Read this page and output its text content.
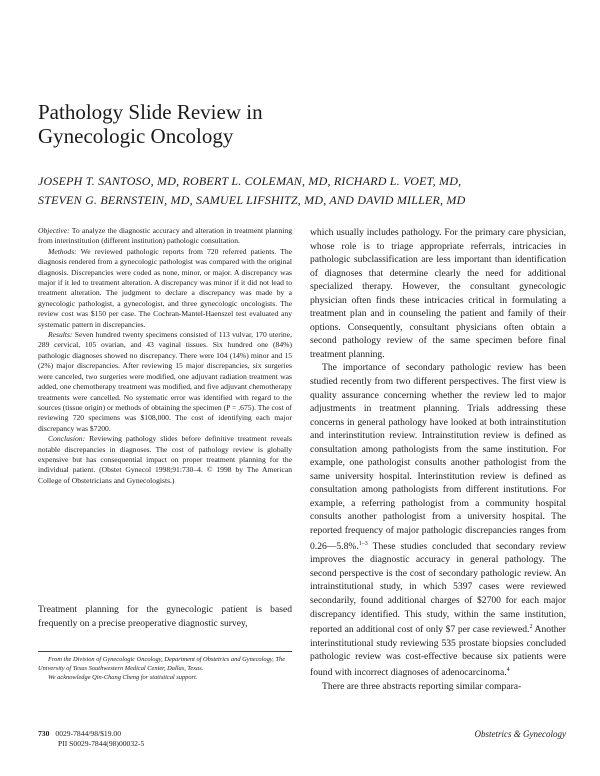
Pathology Slide Review in
Gynecologic Oncology
JOSEPH T. SANTOSO, MD, ROBERT L. COLEMAN, MD, RICHARD L. VOET, MD,
STEVEN G. BERNSTEIN, MD, SAMUEL LIFSHITZ, MD, AND DAVID MILLER, MD

Objective: To analyze the diagnostic accuracy and alteration in treatment planning from interinstitution (different institution) pathologic consultation.

Methods: We reviewed pathologic reports from 720 referred patients. The diagnosis rendered from a gynecologic pathologist was compared with the original diagnosis. Discrepancies were coded as none, minor, or major. A discrepancy was major if it led to treatment alteration. A discrepancy was minor if it did not lead to treatment alteration. The judgment to declare a discrepancy was made by a gynecologic pathologist, a gynecologist, and three gynecologic oncologists. The review cost was $150 per case. The Cochran-Mantel-Haenszel test evaluated any systematic pattern in discrepancies.

Results: Seven hundred twenty specimens consisted of 113 vulvar, 170 uterine, 289 cervical, 105 ovarian, and 43 vaginal tissues. Six hundred one (84%) pathologic diagnoses showed no discrepancy. There were 104 (14%) minor and 15 (2%) major discrepancies. After reviewing 15 major discrepancies, six surgeries were canceled, two surgeries were modified, one adjuvant radiation treatment was added, one chemotherapy treatment was modified, and five adjuvant chemotherapy treatments were cancelled. No systematic error was identified with regard to the sources (tissue origin) or methods of obtaining the specimen (P = .675). The cost of reviewing 720 specimens was $108,000. The cost of identifying each major discrepancy was $7200.

Conclusion: Reviewing pathology slides before definitive treatment reveals notable discrepancies in diagnoses. The cost of pathology review is globally expensive but has consequential impact on proper treatment planning for the individual patient. (Obstet Gynecol 1998;91:730–4. © 1998 by The American College of Obstetricians and Gynecologists.)

Treatment planning for the gynecologic patient is based frequently on a precise preoperative diagnostic survey,

From the Division of Gynecologic Oncology, Department of Obstetrics and Gynecology, The University of Texas Southwestern Medical Center, Dallas, Texas.

We acknowledge Qin-Chang Cheng for statistical support.

which usually includes pathology. For the primary care physician, whose role is to triage appropriate referrals, intricacies in pathologic subclassification are less important than identification of diagnoses that determine clearly the need for additional specialized therapy. However, the consultant gynecologic physician often finds these intricacies critical in formulating a treatment plan and in counseling the patient and family of their options. Consequently, consultant physicians often obtain a second pathology review of the same specimen before final treatment planning.

The importance of secondary pathologic review has been studied recently from two different perspectives. The first view is quality assurance concerning whether the review led to major adjustments in treatment planning. Trials addressing these concerns in general pathology have looked at both intrainstitution and interinstitution review. Intrainstitution review is defined as consultation among pathologists from the same institution. For example, one pathologist consults another pathologist from the same university hospital. Interinstitution review is defined as consultation among pathologists from different institutions. For example, a referring pathologist from a community hospital consults another pathologist from a university hospital. The reported frequency of major pathologic discrepancies ranges from 0.26—5.8%.$^{1-3}$ These studies concluded that secondary review improves the diagnostic accuracy in general pathology. The second perspective is the cost of secondary pathologic review. An intrainstitutional study, in which 5397 cases were reviewed secondarily, found additional charges of $2700 for each major discrepancy identified. This study, within the same institution, reported an additional cost of only $7 per case reviewed.$^2$ Another interinstitutional study reviewing 535 prostate biopsies concluded pathologic review was cost-effective because six patients were found with incorrect diagnoses of adenocarcinoma.$^4$

There are three abstracts reporting similar compara-

730 0029-7844/98/$19.00
PII S0029-7844(98)00032-5
Obstetrics & Gynecology
